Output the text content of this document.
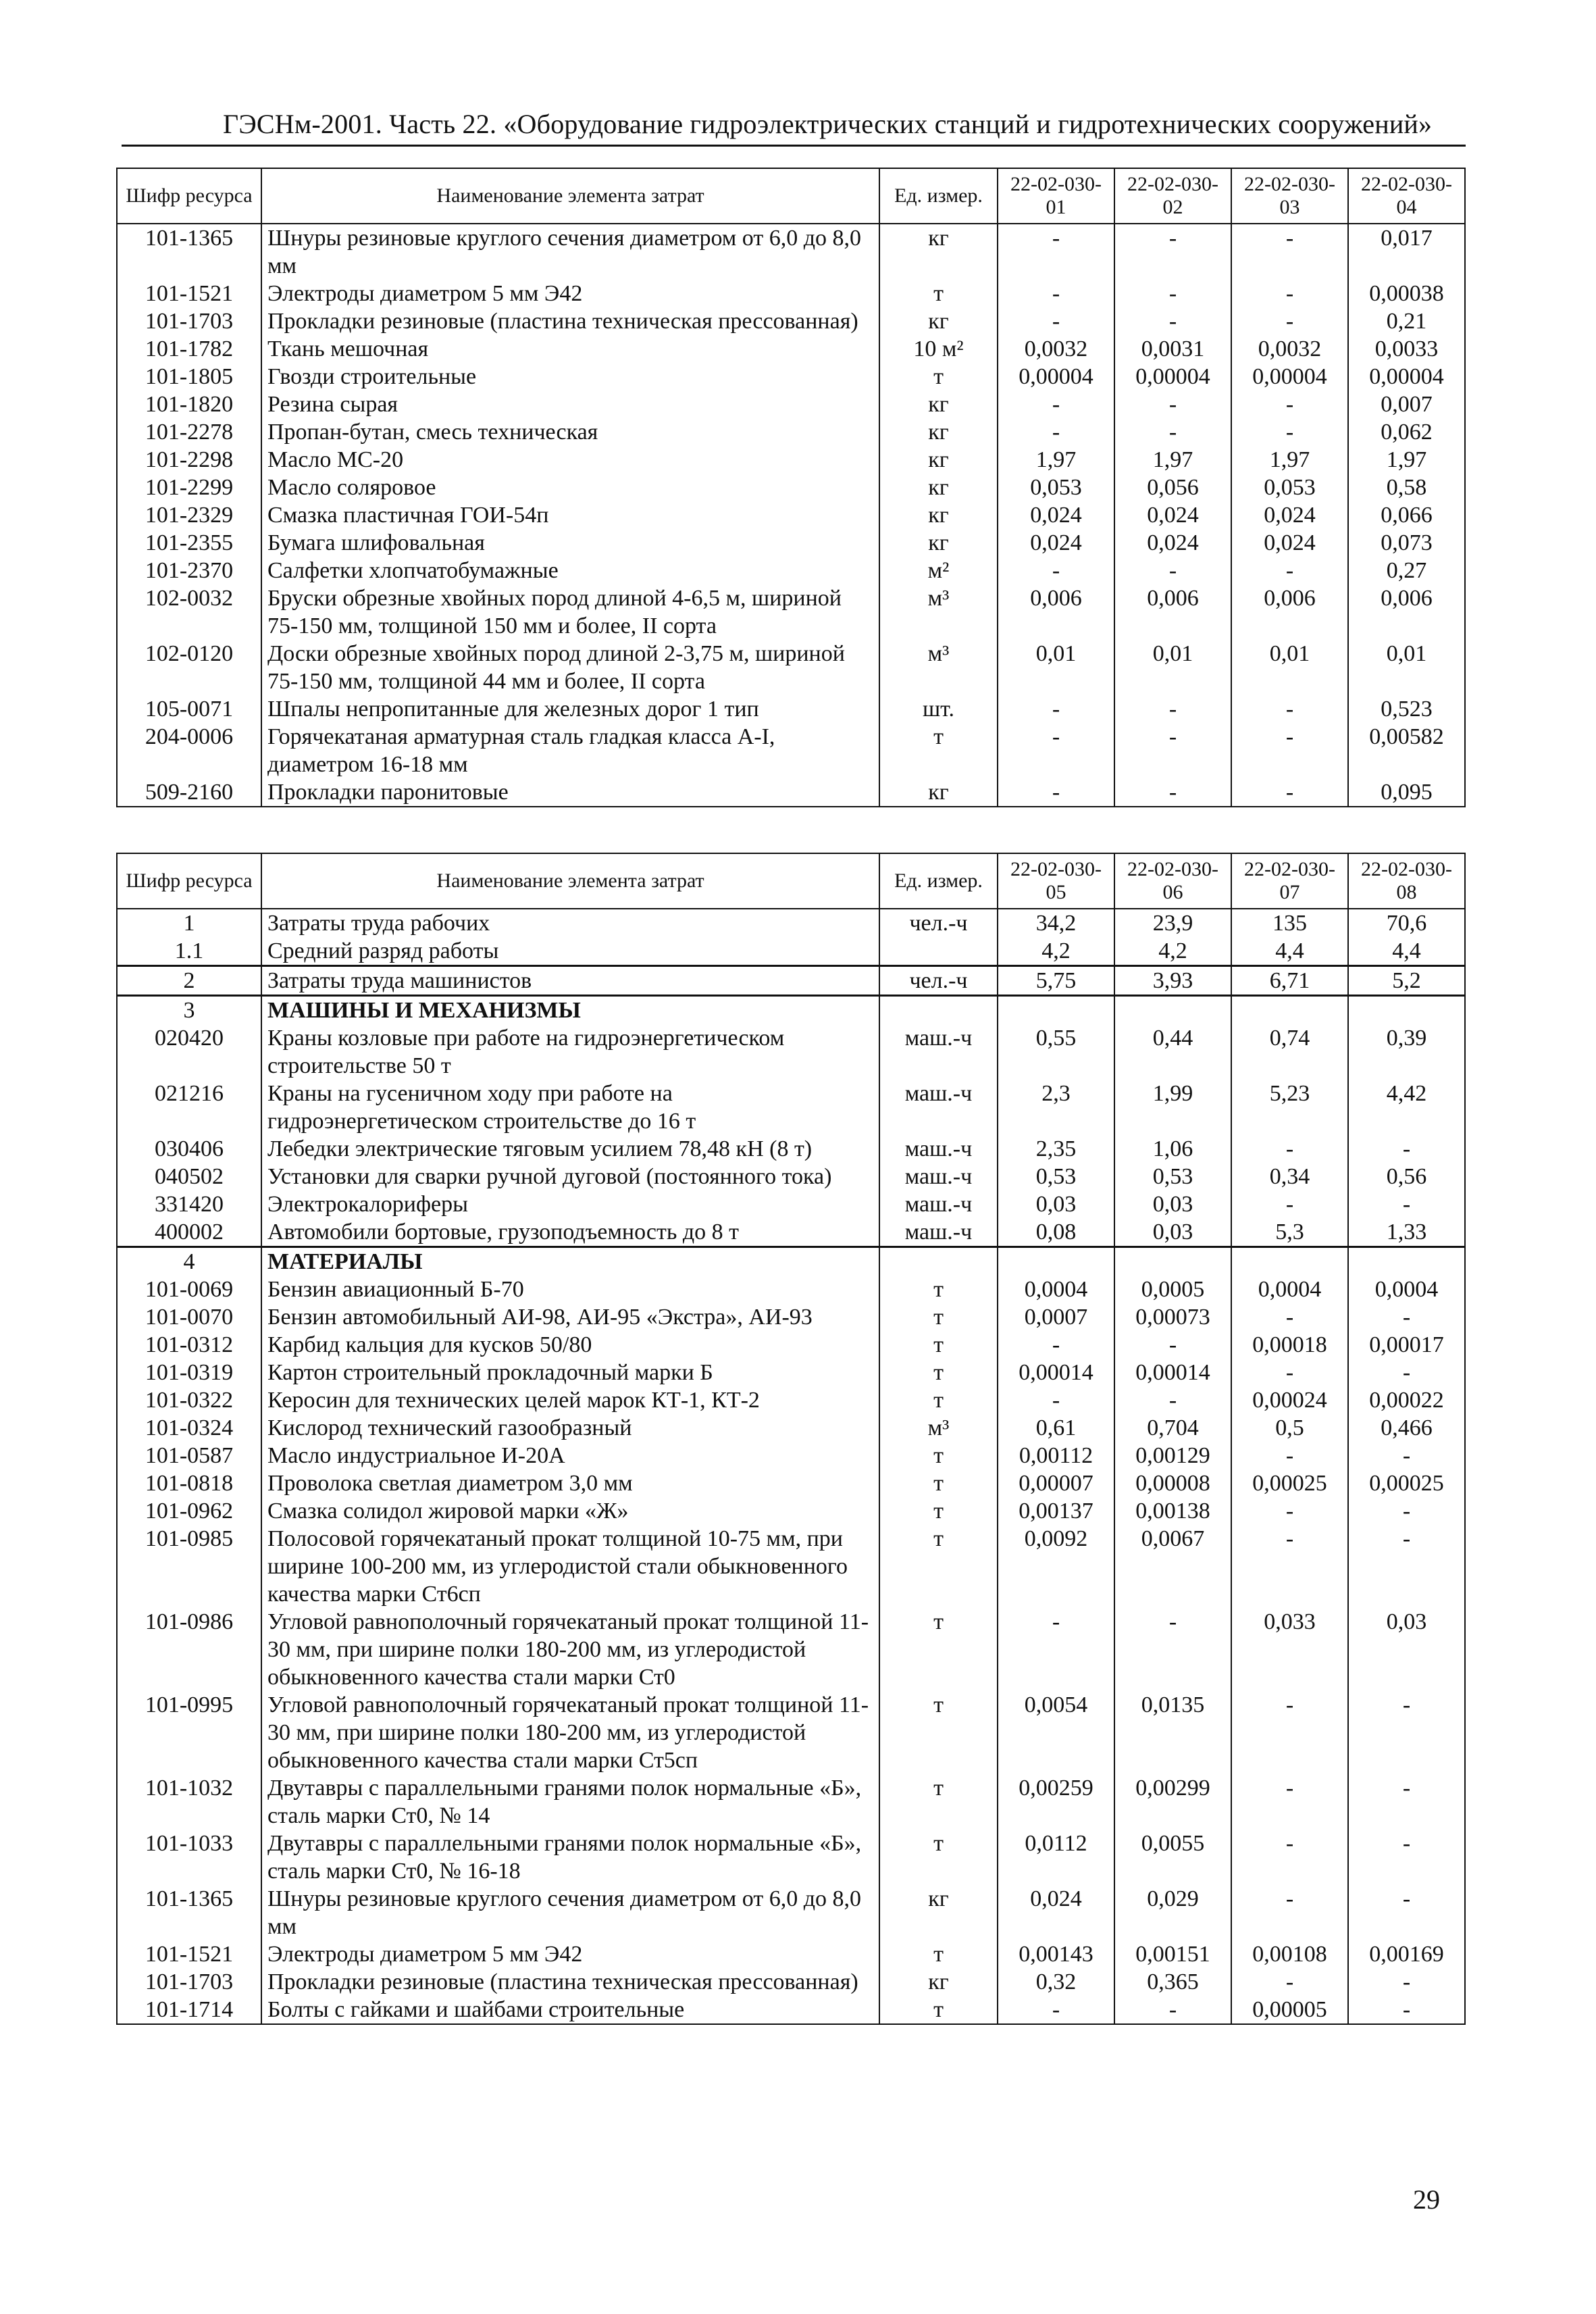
ГЭСНм-2001. Часть 22. «Оборудование гидроэлектрических станций и гидротехнических сооружений»
Шифр ресурса	Наименование элемента затрат	Ед. измер.	22-02-030-01	22-02-030-02	22-02-030-03	22-02-030-04
101-1365	Шнуры резиновые круглого сечения диаметром от 6,0 до 8,0 мм	кг	-	-	-	0,017
101-1521	Электроды диаметром 5 мм Э42	т	-	-	-	0,00038
101-1703	Прокладки резиновые (пластина техническая прессованная)	кг	-	-	-	0,21
101-1782	Ткань мешочная	10 м²	0,0032	0,0031	0,0032	0,0033
101-1805	Гвозди строительные	т	0,00004	0,00004	0,00004	0,00004
101-1820	Резина сырая	кг	-	-	-	0,007
101-2278	Пропан-бутан, смесь техническая	кг	-	-	-	0,062
101-2298	Масло МС-20	кг	1,97	1,97	1,97	1,97
101-2299	Масло соляровое	кг	0,053	0,056	0,053	0,58
101-2329	Смазка пластичная ГОИ-54п	кг	0,024	0,024	0,024	0,066
101-2355	Бумага шлифовальная	кг	0,024	0,024	0,024	0,073
101-2370	Салфетки хлопчатобумажные	м²	-	-	-	0,27
102-0032	Бруски обрезные хвойных пород длиной 4-6,5 м, шириной 75-150 мм, толщиной 150 мм и более, II сорта	м³	0,006	0,006	0,006	0,006
102-0120	Доски обрезные хвойных пород длиной 2-3,75 м, шириной 75-150 мм, толщиной 44 мм и более, II сорта	м³	0,01	0,01	0,01	0,01
105-0071	Шпалы непропитанные для железных дорог 1 тип	шт.	-	-	-	0,523
204-0006	Горячекатаная арматурная сталь гладкая класса А-I, диаметром 16-18 мм	т	-	-	-	0,00582
509-2160	Прокладки паронитовые	кг	-	-	-	0,095
Шифр ресурса	Наименование элемента затрат	Ед. измер.	22-02-030-05	22-02-030-06	22-02-030-07	22-02-030-08
1	Затраты труда рабочих	чел.-ч	34,2	23,9	135	70,6
1.1	Средний разряд работы		4,2	4,2	4,4	4,4
2	Затраты труда машинистов	чел.-ч	5,75	3,93	6,71	5,2
3	МАШИНЫ И МЕХАНИЗМЫ					
020420	Краны козловые при работе на гидроэнергетическом строительстве 50 т	маш.-ч	0,55	0,44	0,74	0,39
021216	Краны на гусеничном ходу при работе на гидроэнергетическом строительстве до 16 т	маш.-ч	2,3	1,99	5,23	4,42
030406	Лебедки электрические тяговым усилием 78,48 кН (8 т)	маш.-ч	2,35	1,06	-	-
040502	Установки для сварки ручной дуговой (постоянного тока)	маш.-ч	0,53	0,53	0,34	0,56
331420	Электрокалориферы	маш.-ч	0,03	0,03	-	-
400002	Автомобили бортовые, грузоподъемность до 8 т	маш.-ч	0,08	0,03	5,3	1,33
4	МАТЕРИАЛЫ					
101-0069	Бензин авиационный Б-70	т	0,0004	0,0005	0,0004	0,0004
101-0070	Бензин автомобильный АИ-98, АИ-95 «Экстра», АИ-93	т	0,0007	0,00073	-	-
101-0312	Карбид кальция для кусков 50/80	т	-	-	0,00018	0,00017
101-0319	Картон строительный прокладочный марки Б	т	0,00014	0,00014	-	-
101-0322	Керосин для технических целей марок КТ-1, КТ-2	т	-	-	0,00024	0,00022
101-0324	Кислород технический газообразный	м³	0,61	0,704	0,5	0,466
101-0587	Масло индустриальное И-20А	т	0,00112	0,00129	-	-
101-0818	Проволока светлая диаметром 3,0 мм	т	0,00007	0,00008	0,00025	0,00025
101-0962	Смазка солидол жировой марки «Ж»	т	0,00137	0,00138	-	-
101-0985	Полосовой горячекатаный прокат толщиной 10-75 мм, при ширине 100-200 мм, из углеродистой стали обыкновенного качества марки Ст6сп	т	0,0092	0,0067	-	-
101-0986	Угловой равнополочный горячекатаный прокат толщиной 11-30 мм, при ширине полки 180-200 мм, из углеродистой обыкновенного качества стали марки Ст0	т	-	-	0,033	0,03
101-0995	Угловой равнополочный горячекатаный прокат толщиной 11-30 мм, при ширине полки 180-200 мм, из углеродистой обыкновенного качества стали марки Ст5сп	т	0,0054	0,0135	-	-
101-1032	Двутавры с параллельными гранями полок нормальные «Б», сталь марки Ст0, № 14	т	0,00259	0,00299	-	-
101-1033	Двутавры с параллельными гранями полок нормальные «Б», сталь марки Ст0, № 16-18	т	0,0112	0,0055	-	-
101-1365	Шнуры резиновые круглого сечения диаметром от 6,0 до 8,0 мм	кг	0,024	0,029	-	-
101-1521	Электроды диаметром 5 мм Э42	т	0,00143	0,00151	0,00108	0,00169
101-1703	Прокладки резиновые (пластина техническая прессованная)	кг	0,32	0,365	-	-
101-1714	Болты с гайками и шайбами строительные	т	-	-	0,00005	-
29
